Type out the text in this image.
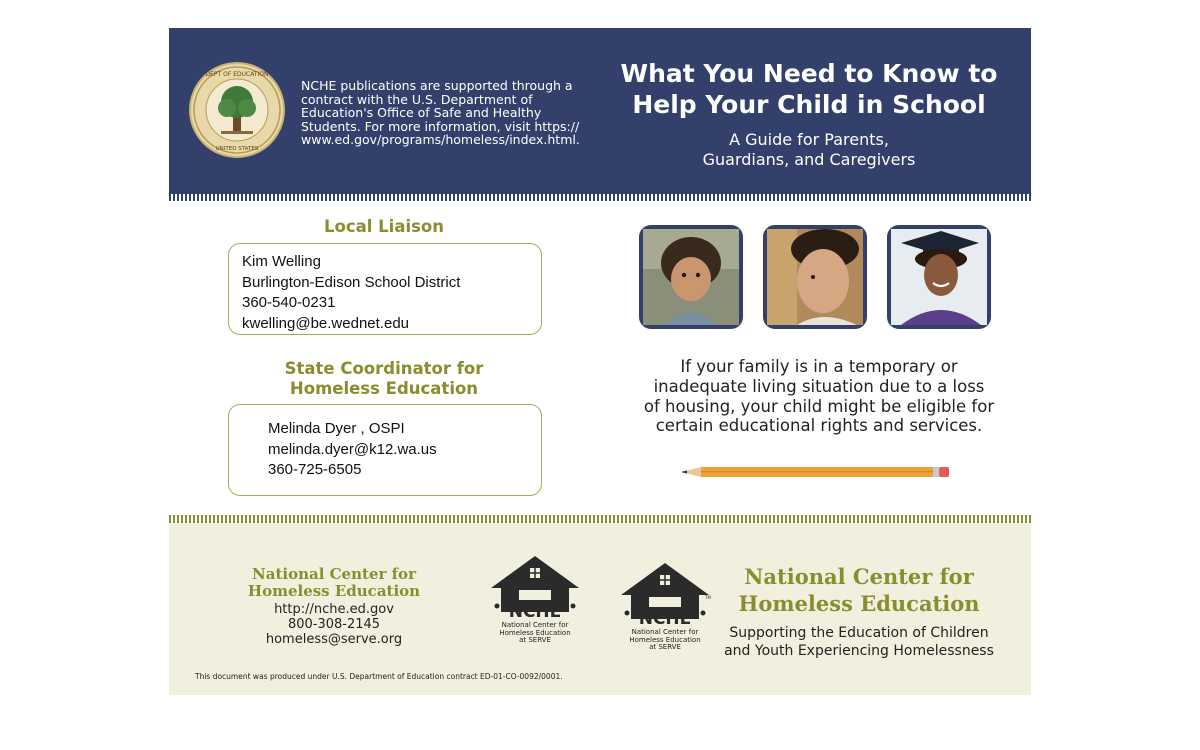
DEPT OF EDUCATION
UNITED STATES
NCHE publications are supported through a contract with the U.S. Department of Education's Office of Safe and Healthy Students. For more information, visit https:// www.ed.gov/programs/homeless/index.html.
What You Need to Know to
Help Your Child in School
A Guide for Parents,
Guardians, and Caregivers
Local Liaison
Kim Welling
Burlington-Edison School District
360-540-0231
kwelling@be.wednet.edu
State Coordinator for
Homeless Education
Melinda Dyer , OSPI
melinda.dyer@k12.wa.us
360-725-6505
If your family is in a temporary or
inadequate living situation due to a loss
of housing, your child might be eligible for
certain educational rights and services.
National Center for
Homeless Education
http://nche.ed.gov
800-308-2145
homeless@serve.org
NCHE
National Center for
Homeless Education
at SERVE
NCHE
TM
National Center for
Homeless Education
at SERVE
National Center for
Homeless Education
Supporting the Education of Children
and Youth Experiencing Homelessness
This document was produced under U.S. Department of Education contract ED-01-CO-0092/0001.
